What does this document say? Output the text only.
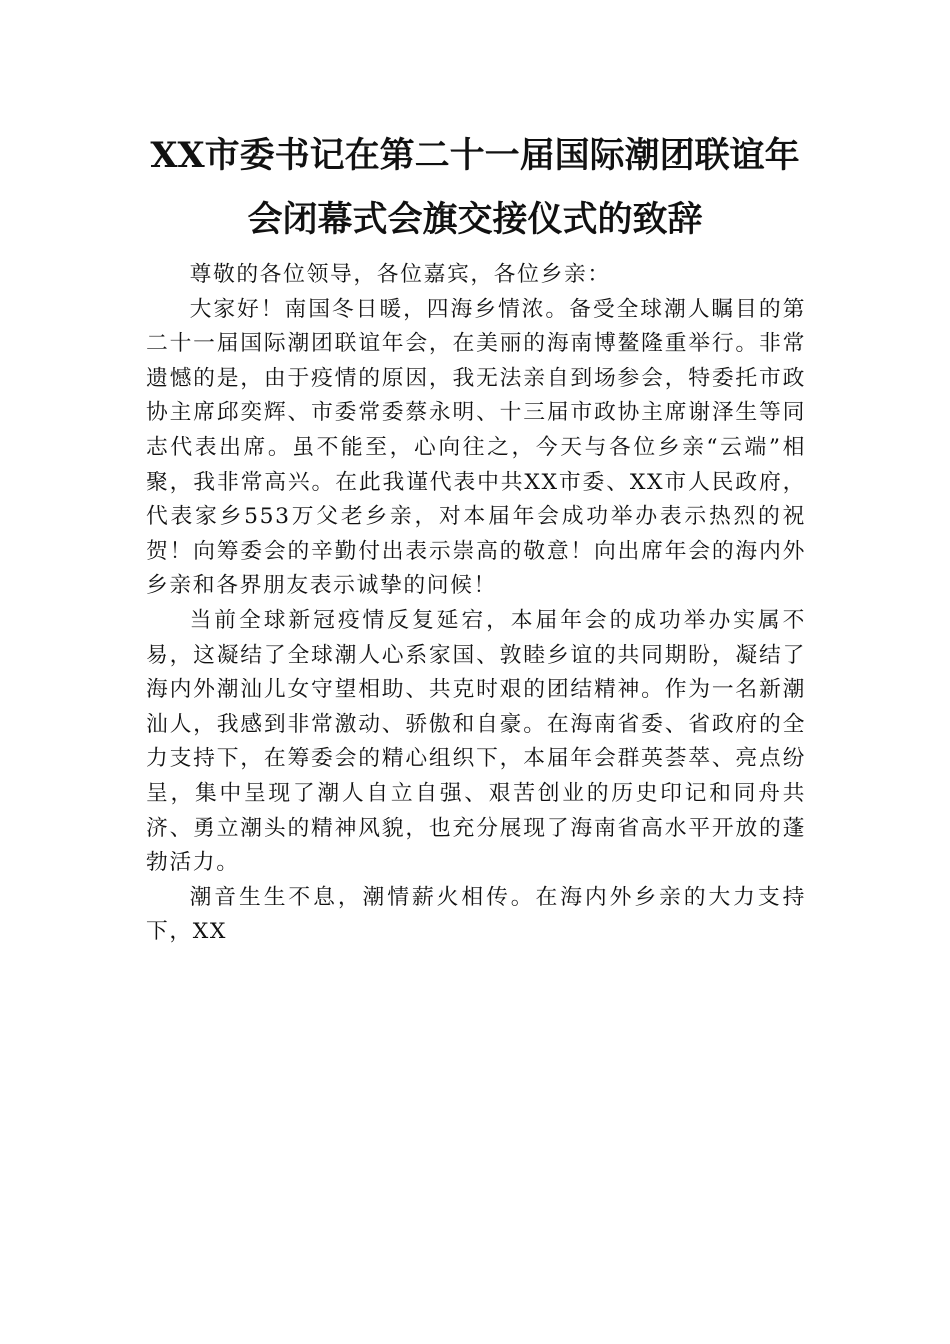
XX市委书记在第二十一届国际潮团联谊年
会闭幕式会旗交接仪式的致辞

尊敬的各位领导，各位嘉宾，各位乡亲：

大家好！南国冬日暖，四海乡情浓。备受全球潮人瞩目的第二十一届国际潮团联谊年会，在美丽的海南博鳌隆重举行。非常遗憾的是，由于疫情的原因，我无法亲自到场参会，特委托市政协主席邱奕辉、市委常委蔡永明、十三届市政协主席谢泽生等同志代表出席。虽不能至，心向往之，今天与各位乡亲“云端”相聚，我非常高兴。在此我谨代表中共XX市委、XX市人民政府，代表家乡553万父老乡亲，对本届年会成功举办表示热烈的祝贺！向筹委会的辛勤付出表示崇高的敬意！向出席年会的海内外乡亲和各界朋友表示诚挚的问候！

当前全球新冠疫情反复延宕，本届年会的成功举办实属不易，这凝结了全球潮人心系家国、敦睦乡谊的共同期盼，凝结了海内外潮汕儿女守望相助、共克时艰的团结精神。作为一名新潮汕人，我感到非常激动、骄傲和自豪。在海南省委、省政府的全力支持下，在筹委会的精心组织下，本届年会群英荟萃、亮点纷呈，集中呈现了潮人自立自强、艰苦创业的历史印记和同舟共济、勇立潮头的精神风貌，也充分展现了海南省高水平开放的蓬勃活力。

潮音生生不息，潮情薪火相传。在海内外乡亲的大力支持下，XX
